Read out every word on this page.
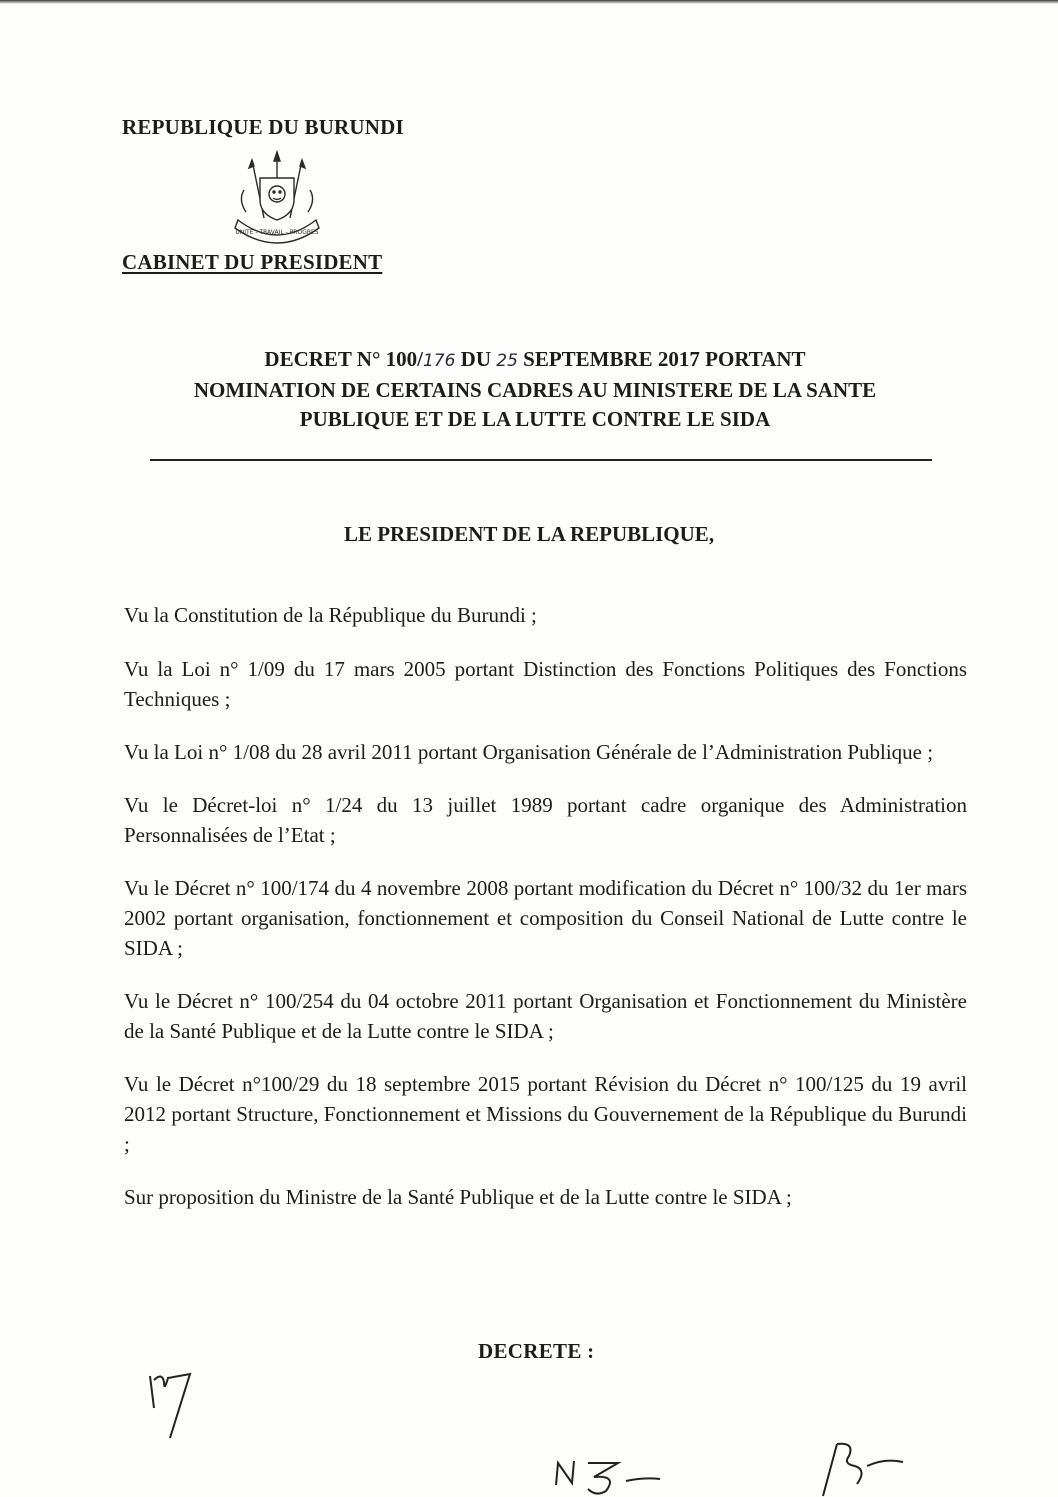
REPUBLIQUE DU BURUNDI
UNITE - TRAVAIL - PROGRES
CABINET DU PRESIDENT
DECRET N° 100/176 DU 25 SEPTEMBRE 2017 PORTANT
NOMINATION DE CERTAINS CADRES AU MINISTERE DE LA SANTE
PUBLIQUE ET DE LA LUTTE CONTRE LE SIDA
LE PRESIDENT DE LA REPUBLIQUE,

Vu la Constitution de la République du Burundi ;

Vu la Loi n° 1/09 du 17 mars 2005 portant Distinction des Fonctions Politiques des Fonctions Techniques ;

Vu la Loi n° 1/08 du 28 avril 2011 portant Organisation Générale de l’Administration Publique ;

Vu le Décret-loi n° 1/24 du 13 juillet 1989 portant cadre organique des Administration Personnalisées de l’Etat ;

Vu le Décret n° 100/174 du 4 novembre 2008 portant modification du Décret n° 100/32 du 1er mars 2002 portant organisation, fonctionnement et composition du Conseil National de Lutte contre le SIDA ;

Vu le Décret n° 100/254 du 04 octobre 2011 portant Organisation et Fonctionnement du Ministère de la Santé Publique et de la Lutte contre le SIDA ;

Vu le Décret n°100/29 du 18 septembre 2015 portant Révision du Décret n° 100/125 du 19 avril 2012 portant Structure, Fonctionnement et Missions du Gouvernement de la République du Burundi ;

Sur proposition du Ministre de la Santé Publique et de la Lutte contre le SIDA ;

DECRETE :
